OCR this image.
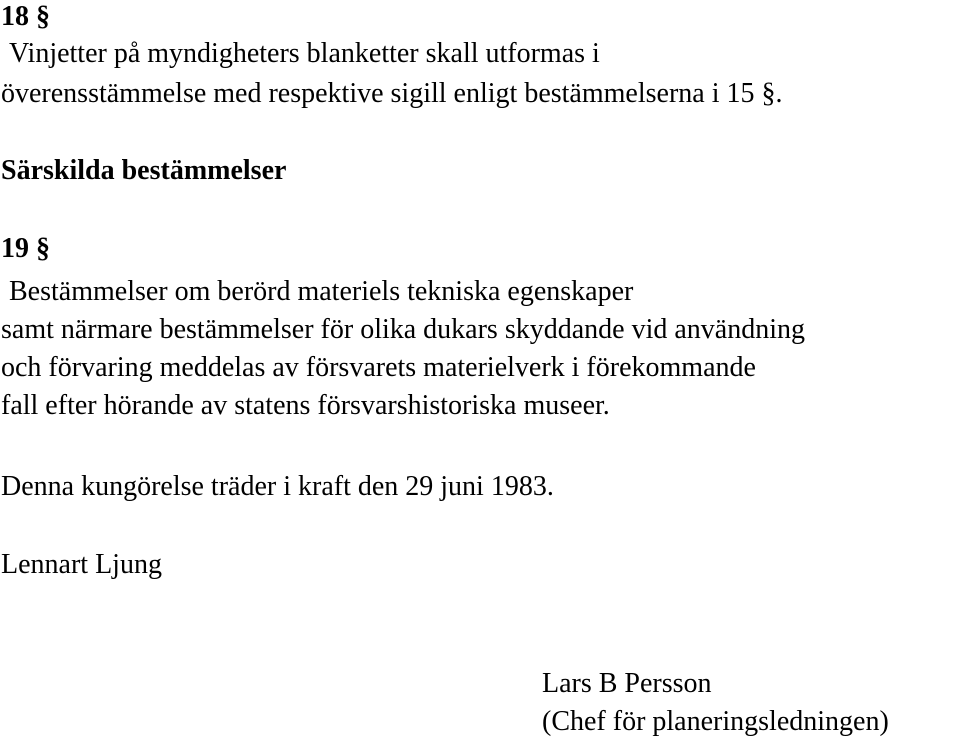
18 §
Vinjetter på myndigheters blanketter skall utformas i
överensstämmelse med respektive sigill enligt bestämmelserna i 15 §.
Särskilda bestämmelser
19 §
Bestämmelser om berörd materiels tekniska egenskaper
samt närmare bestämmelser för olika dukars skyddande vid användning
och förvaring meddelas av försvarets materielverk i förekommande
fall efter hörande av statens försvarshistoriska museer.
Denna kungörelse träder i kraft den 29 juni 1983.
Lennart Ljung
Lars B Persson
(Chef för planeringsledningen)
